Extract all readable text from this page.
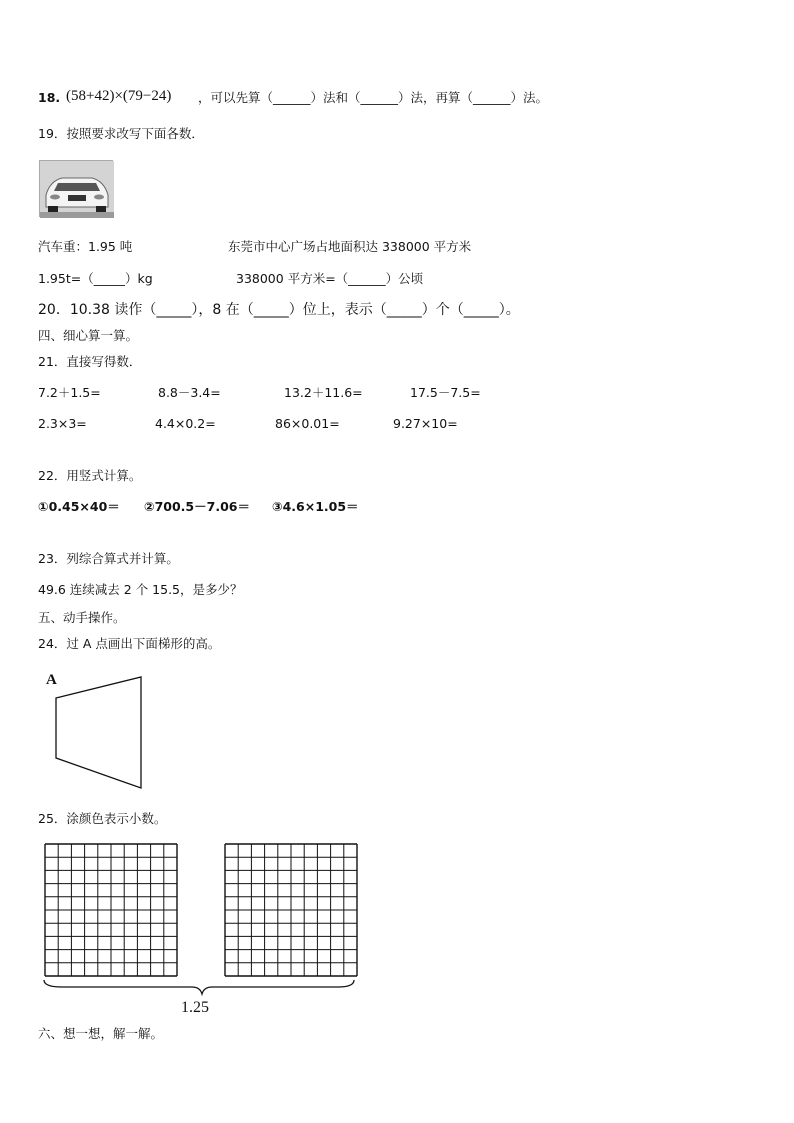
18. (58+42)×(79−24) ，可以先算（______）法和（______）法，再算（______）法。
19．按照要求改写下面各数．
汽车重：1.95 吨	东莞市中心广场占地面积达 338000 平方米
1.95t=（_____）kg	338000 平方米=（______）公顷
20．10.38 读作（_____），8 在（_____）位上，表示（_____）个（_____）。
四、细心算一算。
21．直接写得数．
7.2＋1.5=	8.8－3.4=	13.2＋11.6=	17.5－7.5=
2.3×3=	4.4×0.2=	86×0.01=	9.27×10=
22．用竖式计算。
①0.45×40＝ ②700.5－7.06＝ ③4.6×1.05＝
23．列综合算式并计算。
49.6 连续减去 2 个 15.5，是多少？
五、动手操作。
24．过 A 点画出下面梯形的高。
A
25．涂颜色表示小数。
1.25
六、想一想，解一解。
